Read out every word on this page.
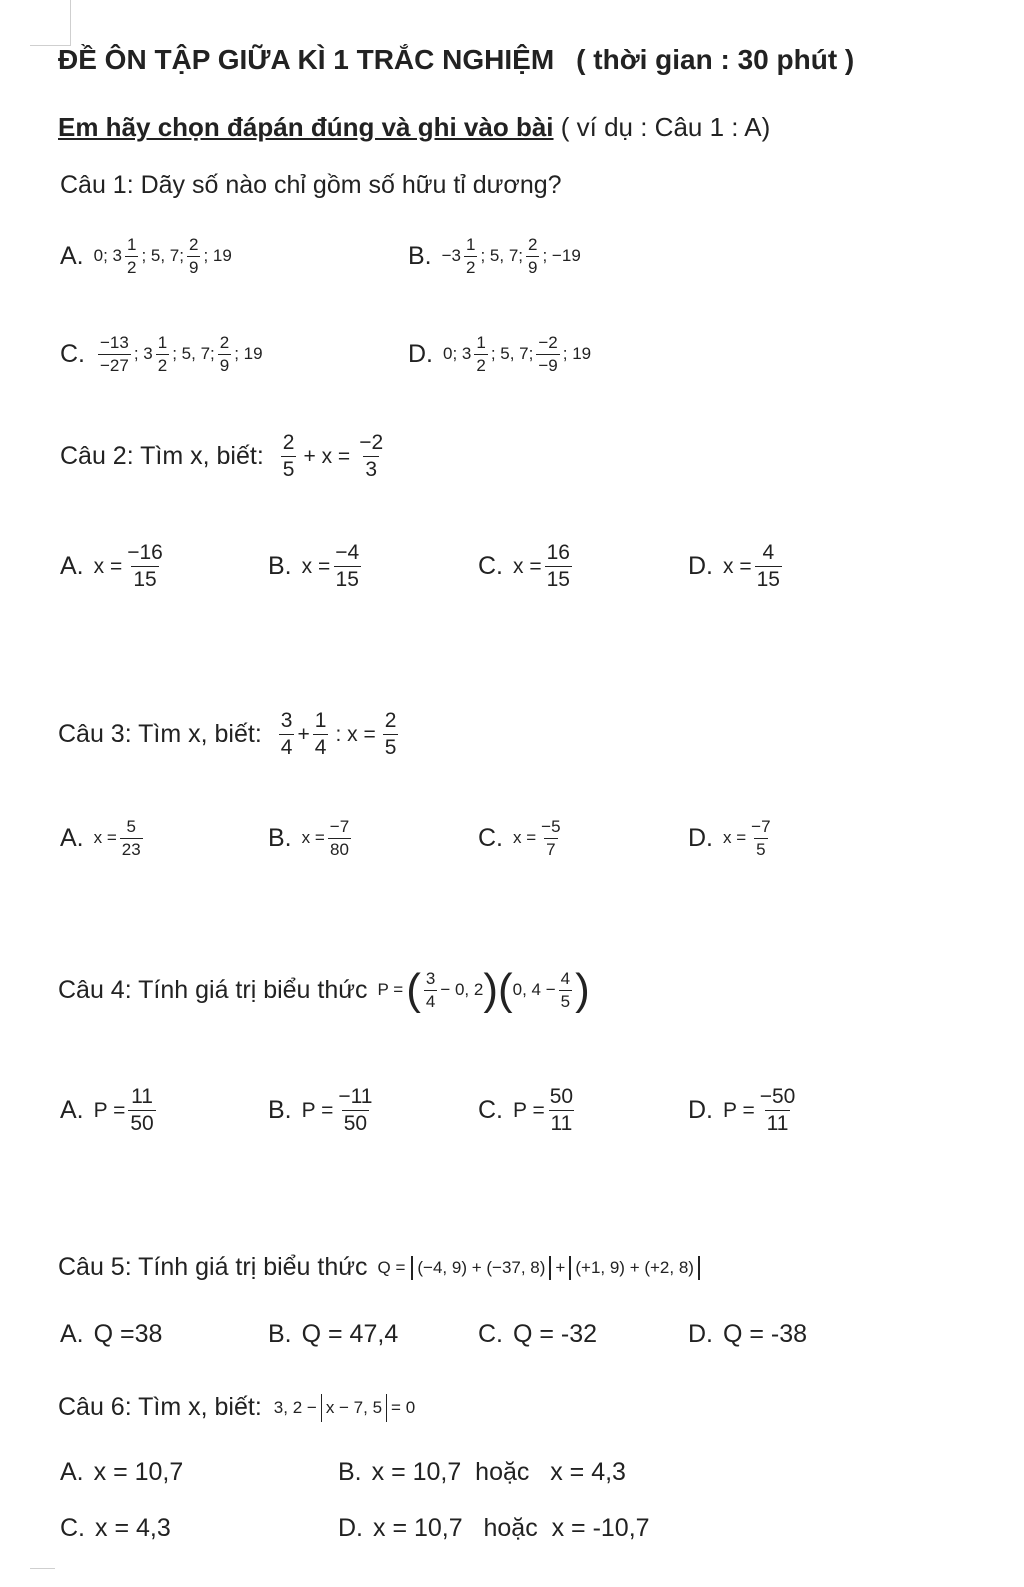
ĐỀ ÔN TẬP GIỮA KÌ 1 TRẮC NGHIỆM ( thời gian : 30 phút )
Em hãy chọn đápán đúng và ghi vào bài ( ví dụ : Câu 1 : A)
Câu 1: Dãy số nào chỉ gồm số hữu tỉ dương?
A. 0; 3
1
2
; 5, 7;
2
9
; 19	B. −3
1
2
; 5, 7;
2
9
; −19
C. −13
−27
; 3
1
2
; 5, 7;
2
9
; 19	D. 0; 3
1
2
; 5, 7;
−2
−9
; 19
Câu 2: Tìm x, biết: 2
5
+ $x = \frac{-2}{3}$
A. $x = \frac{-16}{15}$	B. $x = \frac{-4}{15}$	C. $x = \frac{16}{15}$	D. $x = \frac{4}{15}$
Câu 3: Tìm x, biết: 3
4
+ $\frac{1}{4}$ : $x = \frac{2}{5}$
A. $x = \frac{5}{23}$	B. $x = \frac{-7}{80}$	C. $x = \frac{-5}{7}$	D. $x = \frac{-7}{5}$
Câu 4: Tính giá trị biểu thức P = ( 3
4
− 0, 2 ) ( 0, $4 - \frac{4}{5}$ )
A. $P = \frac{11}{50}$	B. $P = \frac{-11}{50}$	C. $P = \frac{50}{11}$	D. $P = \frac{-50}{11}$
Câu 5: Tính giá trị biểu thức Q = (−4, 9) + (−37, 8) + (+1, 9) + (+2, 8)
A. Q =38	B. Q = 47,4	C. Q = -32	D. Q = -38
Câu 6: Tìm x, biết: 3, 2 − x − 7, 5 = 0
A. x = 10,7	B. x = 10,7  hoặc   x = 4,3
C. x = 4,3	D. x = 10,7   hoặc  x = -10,7
